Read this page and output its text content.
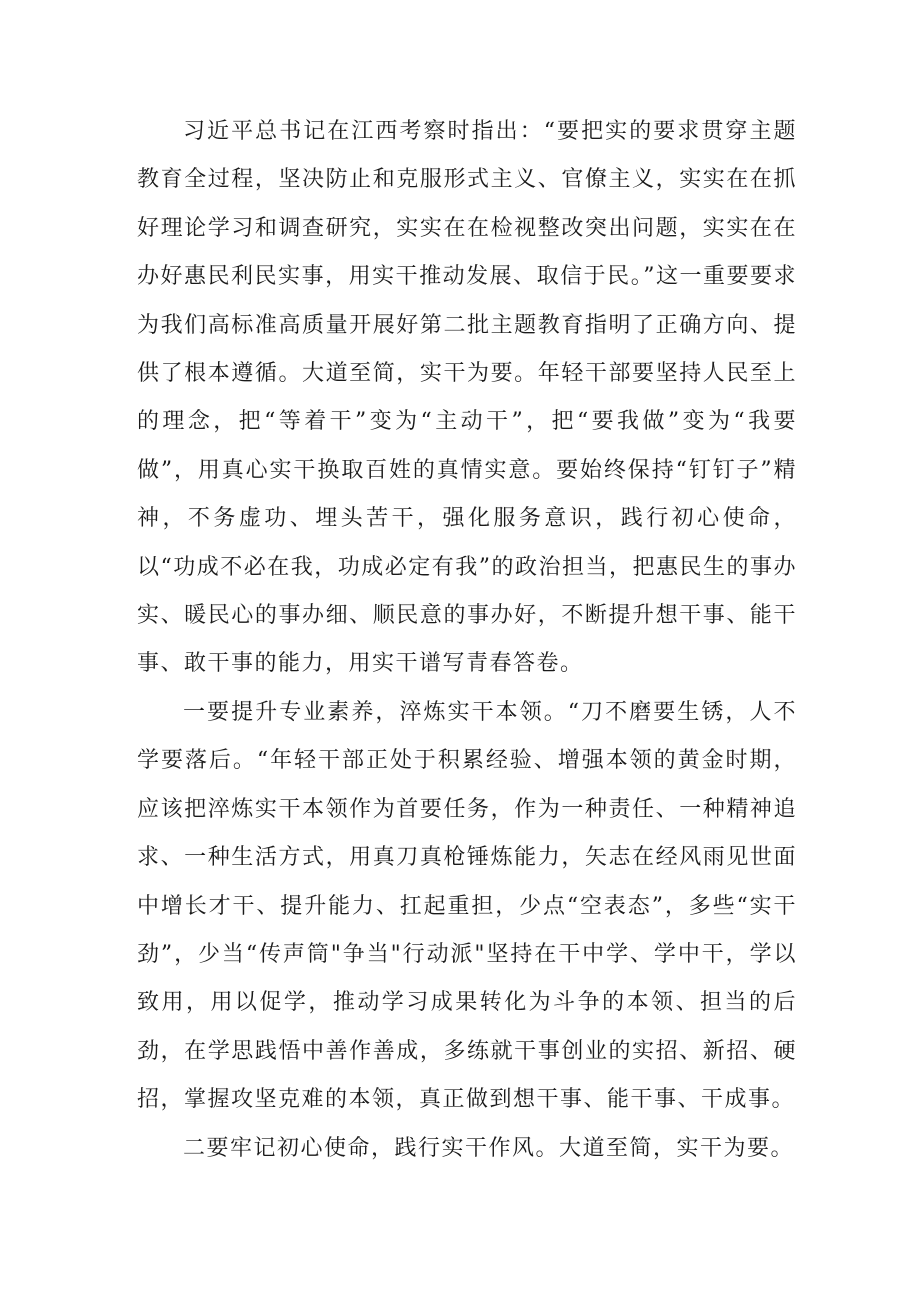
习近平总书记在江西考察时指出：“要把实的要求贯穿主题教育全过程，坚决防止和克服形式主义、官僚主义，实实在在抓好理论学习和调查研究，实实在在检视整改突出问题，实实在在办好惠民利民实事，用实干推动发展、取信于民。”这一重要要求为我们高标准高质量开展好第二批主题教育指明了正确方向、提供了根本遵循。大道至简，实干为要。年轻干部要坚持人民至上的理念，把“等着干”变为“主动干”，把“要我做”变为“我要做”，用真心实干换取百姓的真情实意。要始终保持“钉钉子”精神，不务虚功、埋头苦干，强化服务意识，践行初心使命，以“功成不必在我，功成必定有我”的政治担当，把惠民生的事办实、暖民心的事办细、顺民意的事办好，不断提升想干事、能干事、敢干事的能力，用实干谱写青春答卷。

一要提升专业素养，淬炼实干本领。“刀不磨要生锈，人不学要落后。“年轻干部正处于积累经验、增强本领的黄金时期，应该把淬炼实干本领作为首要任务，作为一种责任、一种精神追求、一种生活方式，用真刀真枪锤炼能力，矢志在经风雨见世面中增长才干、提升能力、扛起重担，少点“空表态”，多些“实干劲”，少当“传声筒"争当"行动派"坚持在干中学、学中干，学以致用，用以促学，推动学习成果转化为斗争的本领、担当的后劲，在学思践悟中善作善成，多练就干事创业的实招、新招、硬招，掌握攻坚克难的本领，真正做到想干事、能干事、干成事。

二要牢记初心使命，践行实干作风。大道至简，实干为要。
